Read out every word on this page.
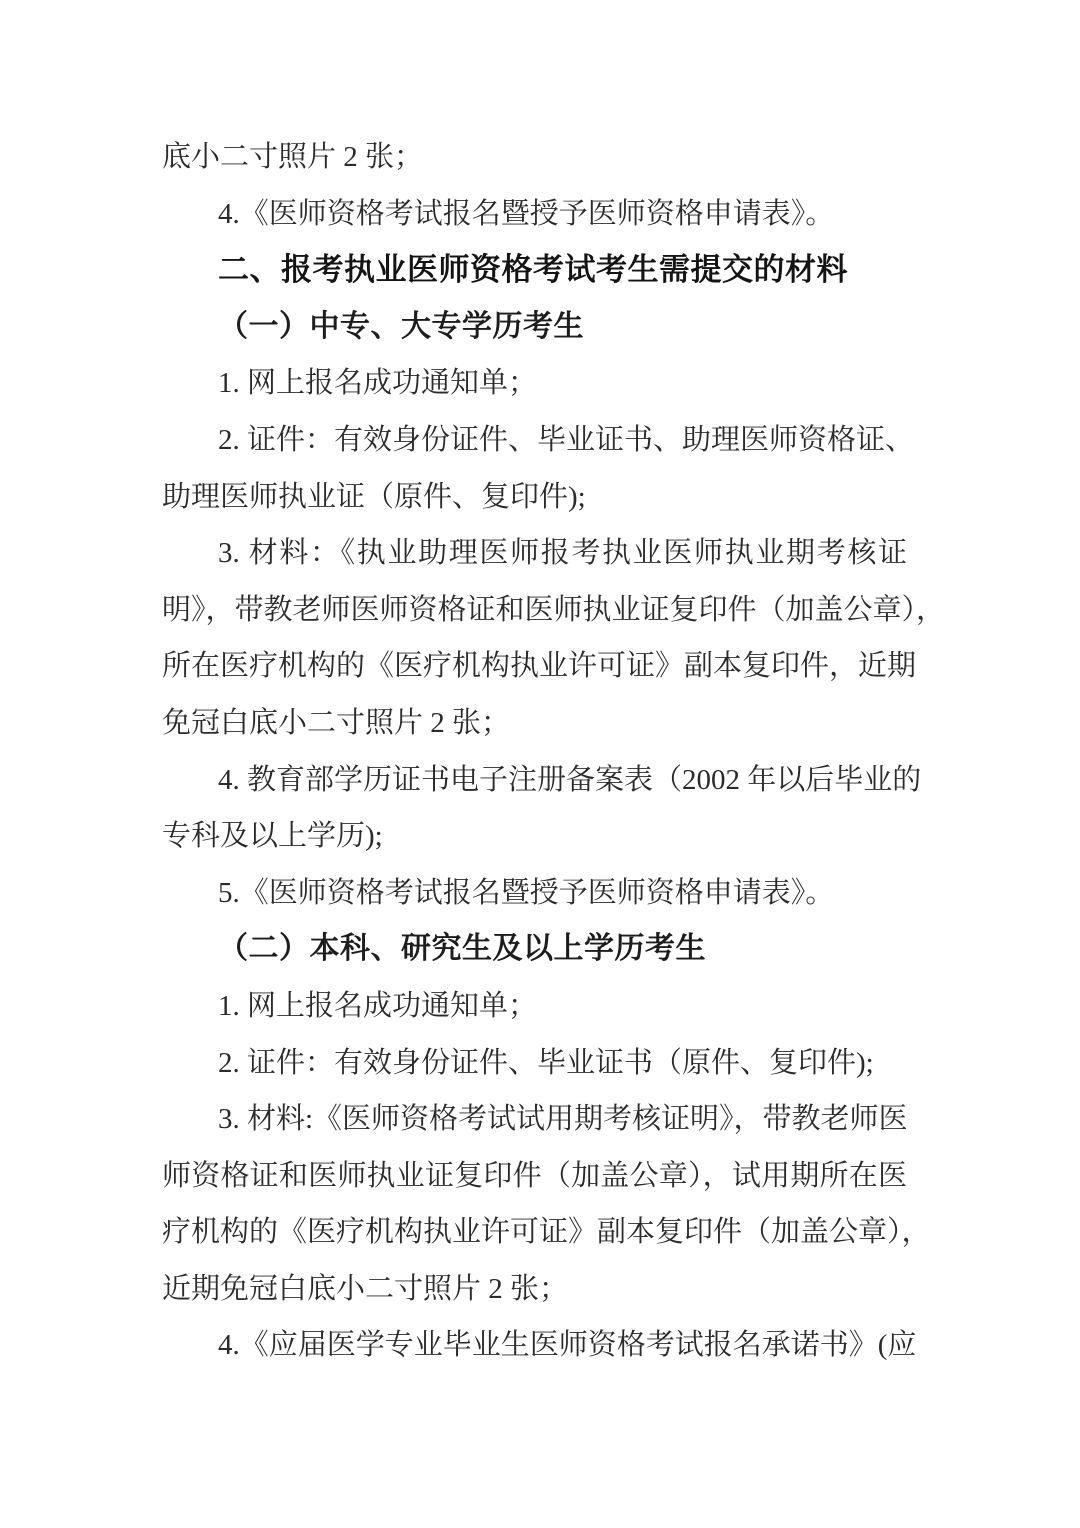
底小二寸照片 2 张；
4.《医师资格考试报名暨授予医师资格申请表》。
二、报考执业医师资格考试考生需提交的材料
（一）中专、大专学历考生
1. 网上报名成功通知单；
2. 证件：有效身份证件、毕业证书、助理医师资格证、
助理医师执业证（原件、复印件);
3. 材料：《执业助理医师报考执业医师执业期考核证
明》，带教老师医师资格证和医师执业证复印件（加盖公章），
所在医疗机构的《医疗机构执业许可证》副本复印件，近期
免冠白底小二寸照片 2 张；
4. 教育部学历证书电子注册备案表（2002 年以后毕业的
专科及以上学历);
5.《医师资格考试报名暨授予医师资格申请表》。
（二）本科、研究生及以上学历考生
1. 网上报名成功通知单；
2. 证件：有效身份证件、毕业证书（原件、复印件);
3. 材料:《医师资格考试试用期考核证明》，带教老师医
师资格证和医师执业证复印件（加盖公章），试用期所在医
疗机构的《医疗机构执业许可证》副本复印件（加盖公章），
近期免冠白底小二寸照片 2 张；
4.《应届医学专业毕业生医师资格考试报名承诺书》(应
